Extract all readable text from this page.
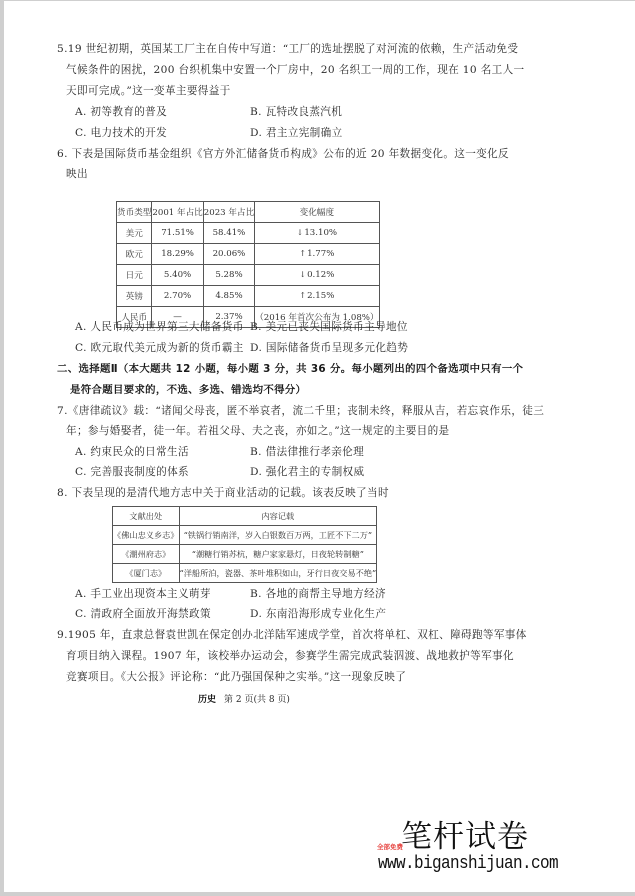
5.19 世纪初期，英国某工厂主在自传中写道：“工厂的选址摆脱了对河流的依赖，生产活动免受
气候条件的困扰，200 台织机集中安置一个厂房中，20 名织工一周的工作，现在 10 名工人一
天即可完成。”这一变革主要得益于
A. 初等教育的普及	B. 瓦特改良蒸汽机
C. 电力技术的开发	D. 君主立宪制确立
6. 下表是国际货币基金组织《官方外汇储备货币构成》公布的近 20 年数据变化。这一变化反
映出
货币类型	2001 年占比	2023 年占比	变化幅度
美元	71.51%	58.41%	↓13.10%
欧元	18.29%	20.06%	↑1.77%
日元	5.40%	5.28%	↓0.12%
英镑	2.70%	4.85%	↑2.15%
人民币	—	2.37%	（2016 年首次公布为 1.08%）
A. 人民币成为世界第三大储备货币 B. 美元已丧失国际货币主导地位
C. 欧元取代美元成为新的货币霸主 D. 国际储备货币呈现多元化趋势
二、选择题Ⅱ（本大题共 12 小题，每小题 3 分，共 36 分。每小题列出的四个备选项中只有一个
是符合题目要求的，不选、多选、错选均不得分）
7.《唐律疏议》载：“诸闻父母丧，匿不举哀者，流二千里；丧制未终，释服从吉，若忘哀作乐，徒三
年；参与婚娶者，徒一年。若祖父母、夫之丧，亦如之。”这一规定的主要目的是
A. 约束民众的日常生活	B. 借法律推行孝亲伦理
C. 完善服丧制度的体系	D. 强化君主的专制权威
8. 下表呈现的是清代地方志中关于商业活动的记载。该表反映了当时
文献出处	内容记载
《佛山忠义乡志》	“铁锅行销南洋，岁入白银数百万两，工匠不下二万”
《潮州府志》	“潮糖行销苏杭，糖户家家悬灯，日夜轮转制糖”
《厦门志》	“洋船所泊，瓷器、茶叶堆积如山，牙行日夜交易不绝”
A. 手工业出现资本主义萌芽	B. 各地的商帮主导地方经济
C. 清政府全面放开海禁政策	D. 东南沿海形成专业化生产
9.1905 年，直隶总督袁世凯在保定创办北洋陆军速成学堂，首次将单杠、双杠、障碍跑等军事体
育项目纳入课程。1907 年，该校举办运动会，参赛学生需完成武装泅渡、战地救护等军事化
竞赛项目。《大公报》评论称：“此乃强国保种之实举。”这一现象反映了
历史 第 2 页(共 8 页)
全部免费
笔杆试卷
www.biganshijuan.com
